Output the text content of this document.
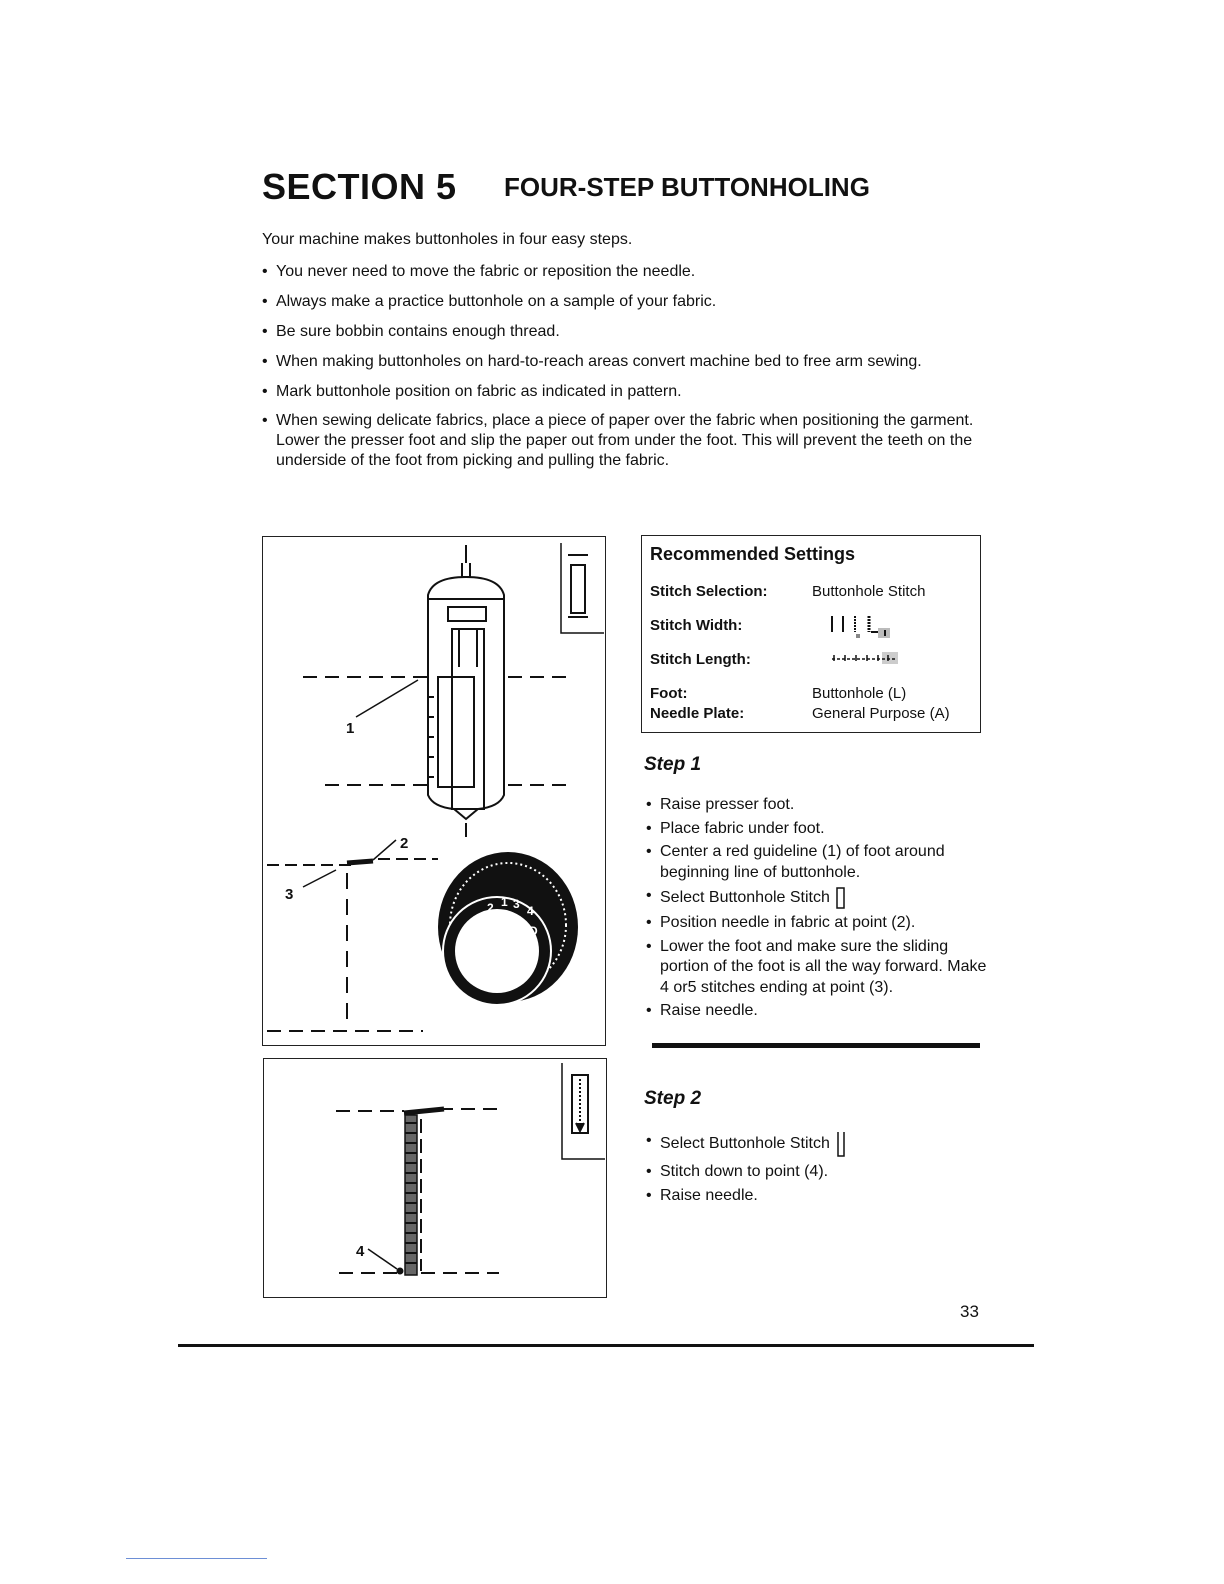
SECTION 5 FOUR-STEP BUTTONHOLING
Your machine makes buttonholes in four easy steps.
• You never need to move the fabric or reposition the needle.
• Always make a practice buttonhole on a sample of your fabric.
• Be sure bobbin contains enough thread.
• When making buttonholes on hard-to-reach areas convert machine bed to free arm sewing.
• Mark buttonhole position on fabric as indicated in pattern.
• When sewing delicate fabrics, place a piece of paper over the fabric when positioning the garment. Lower the presser foot and slip the paper out from under the foot. This will prevent the teeth on the underside of the foot from picking and pulling the fabric.
1
2
3
2 1 3 4
B
A/C
D
4
Recommended Settings
Stitch Selection:	Buttonhole Stitch
Stitch Width:
Stitch Length:
Foot:	Buttonhole (L)
Needle Plate:	General Purpose (A)
Step 1
• Raise presser foot.
• Place fabric under foot.
• Center a red guideline (1) of foot around beginning line of buttonhole.
• Select Buttonhole Stitch
• Position needle in fabric at point (2).
• Lower the foot and make sure the sliding portion of the foot is all the way forward. Make 4 or5 stitches ending at point (3).
• Raise needle.
Step 2
• Select Buttonhole Stitch
• Stitch down to point (4).
• Raise needle.
33
